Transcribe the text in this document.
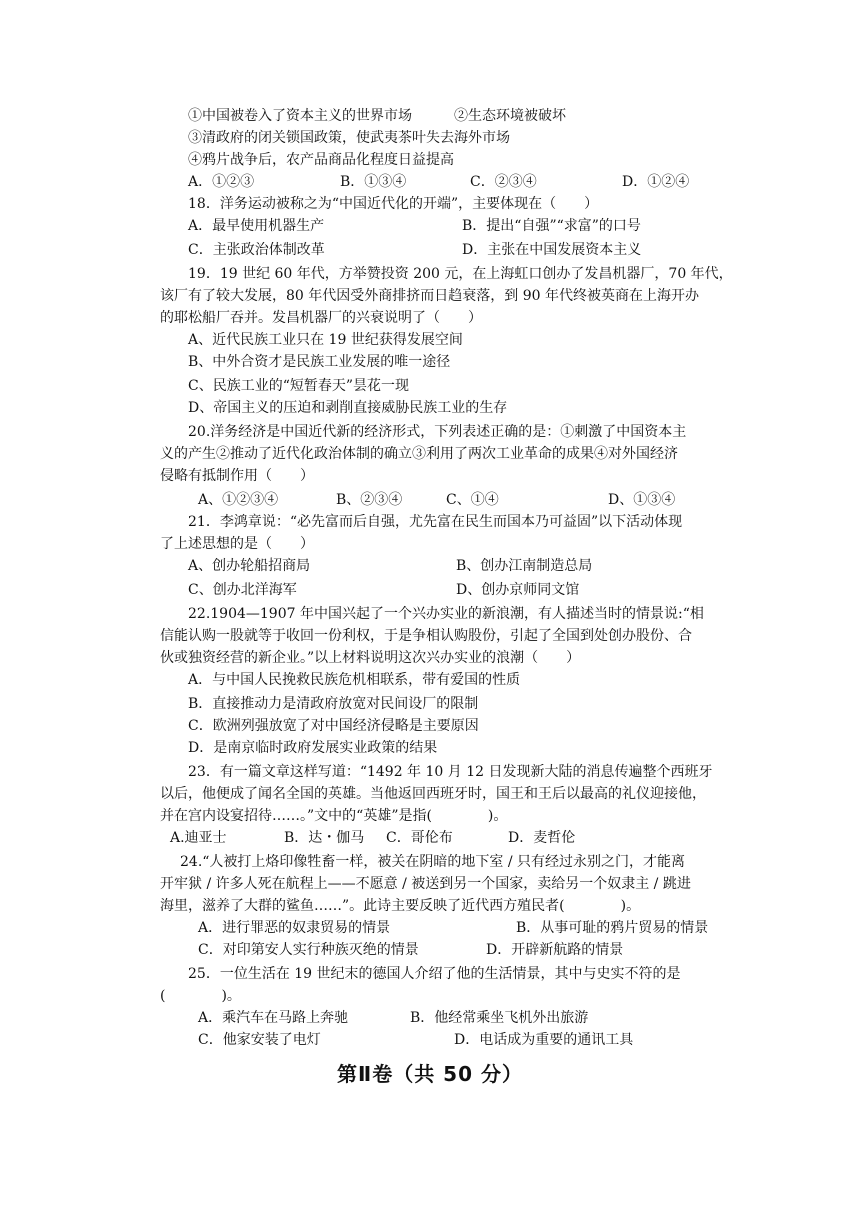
①中国被卷入了资本主义的世界市场　　　②生态环境被破坏
③清政府的闭关锁国政策，使武夷茶叶失去海外市场
④鸦片战争后，农产品商品化程度日益提高
A．①②③	B．①③④	C．②③④	D．①②④
18．洋务运动被称之为“中国近代化的开端”，主要体现在（　　）
A．最早使用机器生产	B．提出“自强”“求富”的口号
C．主张政治体制改革	D．主张在中国发展资本主义
19．19 世纪 60 年代，方举赞投资 200 元，在上海虹口创办了发昌机器厂，70 年代，
该厂有了较大发展，80 年代因受外商排挤而日趋衰落，到 90 年代终被英商在上海开办
的耶松船厂吞并。发昌机器厂的兴衰说明了（　　）
A、近代民族工业只在 19 世纪获得发展空间
B、中外合资才是民族工业发展的唯一途径
C、民族工业的“短暂春天”昙花一现
D、帝国主义的压迫和剥削直接威胁民族工业的生存
20.洋务经济是中国近代新的经济形式，下列表述正确的是：①刺激了中国资本主
义的产生②推动了近代化政治体制的确立③利用了两次工业革命的成果④对外国经济
侵略有抵制作用（　　）
A、①②③④	B、②③④	C、①④	D、①③④
21．李鸿章说：“必先富而后自强，尤先富在民生而国本乃可益固”以下活动体现
了上述思想的是（　　）
A、创办轮船招商局	B、创办江南制造总局
C、创办北洋海军	D、创办京师同文馆
22.1904—1907 年中国兴起了一个兴办实业的新浪潮，有人描述当时的情景说:“相
信能认购一股就等于收回一份利权，于是争相认购股份，引起了全国到处创办股份、合
伙或独资经营的新企业。”以上材料说明这次兴办实业的浪潮（　　）
A．与中国人民挽救民族危机相联系，带有爱国的性质
B．直接推动力是清政府放宽对民间设厂的限制
C．欧洲列强放宽了对中国经济侵略是主要原因
D．是南京临时政府发展实业政策的结果
23．有一篇文章这样写道：“1492 年 10 月 12 日发现新大陆的消息传遍整个西班牙
以后，他便成了闻名全国的英雄。当他返回西班牙时，国王和王后以最高的礼仪迎接他，
并在宫内设宴招待……。”文中的“英雄”是指(　　　　)。
A.迪亚士	B．达・伽马 C．哥伦布	D．麦哲伦
24.“人被打上烙印像牲畜一样，被关在阴暗的地下室 / 只有经过永别之门，才能离
开牢狱 / 许多人死在航程上——不愿意 / 被送到另一个国家，卖给另一个奴隶主 / 跳进
海里，滋养了大群的鲨鱼……”。此诗主要反映了近代西方殖民者(　　　　)。
A．进行罪恶的奴隶贸易的情景	B．从事可耻的鸦片贸易的情景
C．对印第安人实行种族灭绝的情景	D．开辟新航路的情景
25．一位生活在 19 世纪末的德国人介绍了他的生活情景，其中与史实不符的是
(　　　　)。
A．乘汽车在马路上奔驰	B．他经常乘坐飞机外出旅游
C．他家安装了电灯	D．电话成为重要的通讯工具
第Ⅱ卷（共 50 分）
